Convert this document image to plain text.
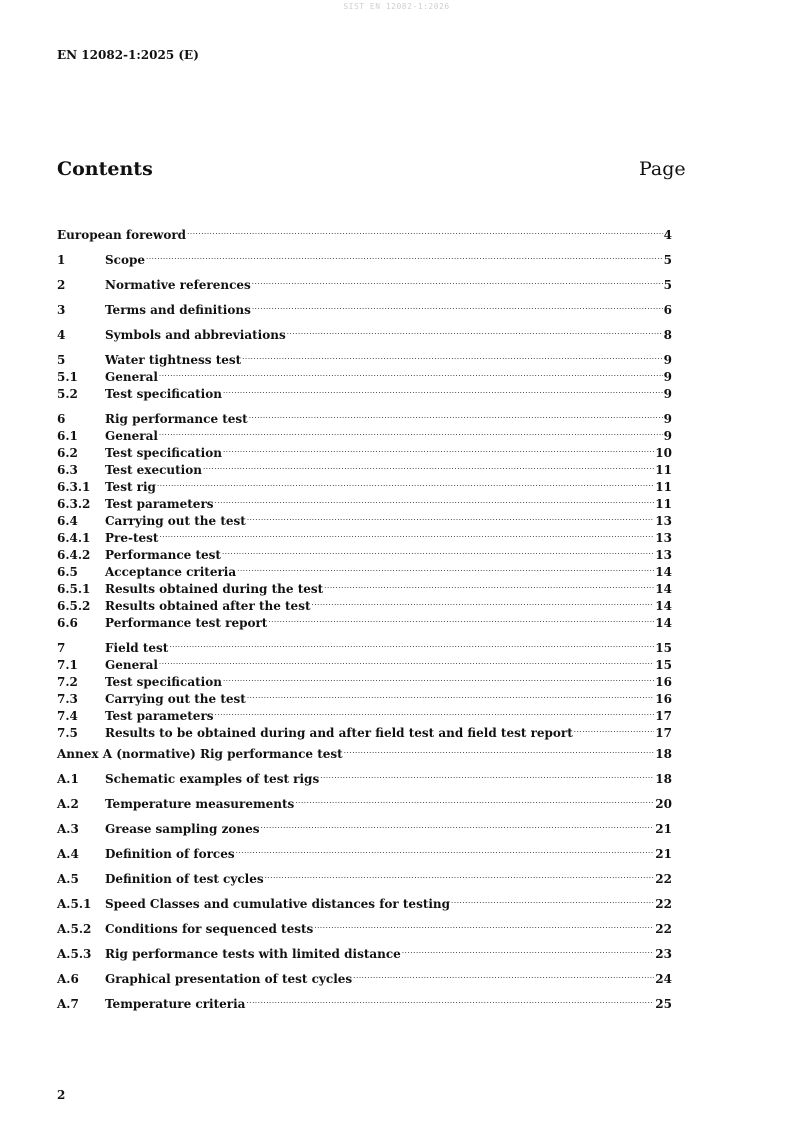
SIST EN 12082-1:2026
EN 12082-1:2025 (E)
Contents	Page
European foreword .....	4
1	Scope .....	5
2	Normative references .....	5
3	Terms and definitions .....	6
4	Symbols and abbreviations .....	8
5	Water tightness test .....	9
5.1	General .....	9
5.2	Test specification .....	9
6	Rig performance test .....	9
6.1	General .....	9
6.2	Test specification .....	10
6.3	Test execution .....	11
6.3.1	Test rig .....	11
6.3.2	Test parameters .....	11
6.4	Carrying out the test .....	13
6.4.1	Pre-test .....	13
6.4.2	Performance test .....	13
6.5	Acceptance criteria .....	14
6.5.1	Results obtained during the test .....	14
6.5.2	Results obtained after the test .....	14
6.6	Performance test report .....	14
7	Field test .....	15
7.1	General .....	15
7.2	Test specification .....	16
7.3	Carrying out the test .....	16
7.4	Test parameters .....	17
7.5	Results to be obtained during and after field test and field test report .....	17
Annex A (normative) Rig performance test .....	18
A.1	Schematic examples of test rigs .....	18
A.2	Temperature measurements .....	20
A.3	Grease sampling zones .....	21
A.4	Definition of forces .....	21
A.5	Definition of test cycles .....	22
A.5.1	Speed Classes and cumulative distances for testing .....	22
A.5.2	Conditions for sequenced tests .....	22
A.5.3	Rig performance tests with limited distance .....	23
A.6	Graphical presentation of test cycles .....	24
A.7	Temperature criteria .....	25
2
